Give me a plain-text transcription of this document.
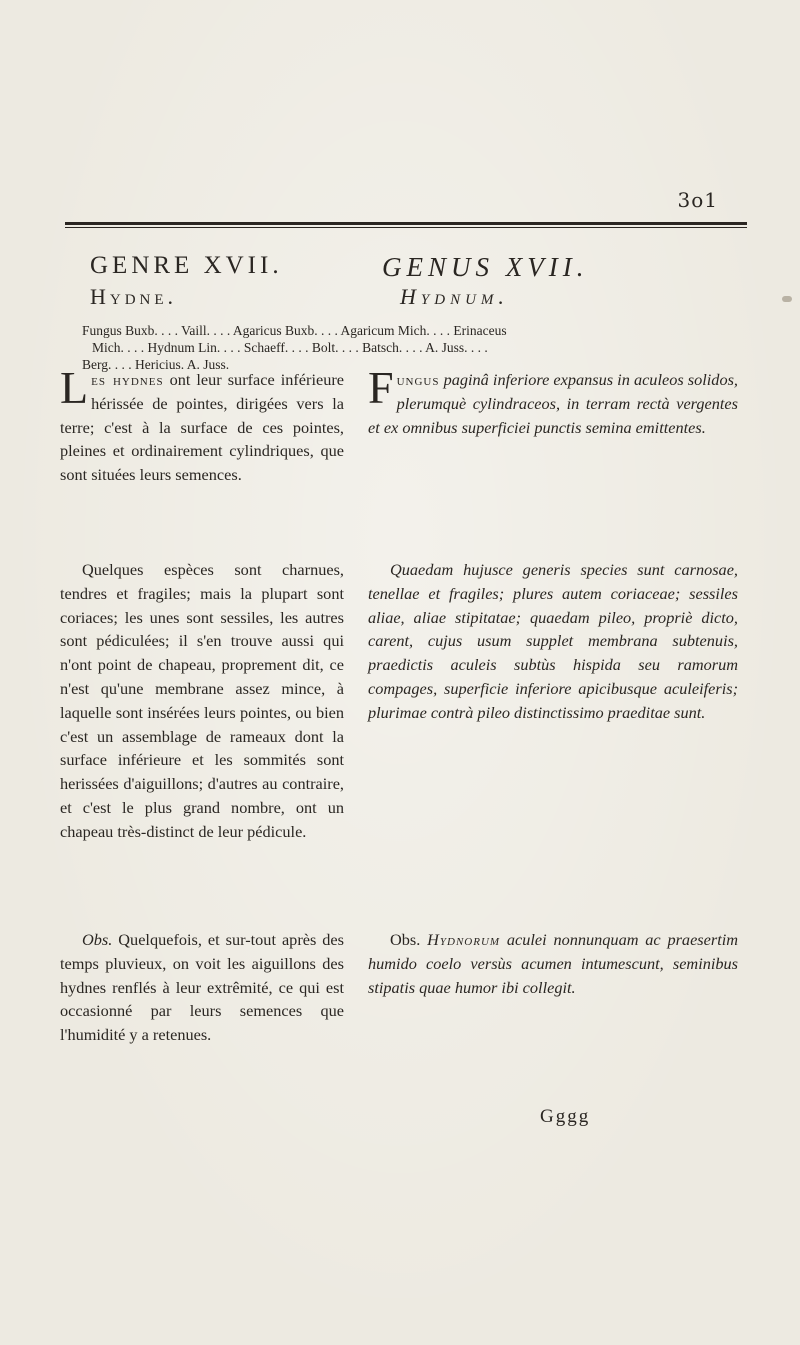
3o1
GENRE XVII.	GENUS XVII.
Hydne.	Hydnum.
Fungus Buxb. . . . Vaill. . . . Agaricus Buxb. . . . Agaricum Mich. . . . Erinaceus
Mich. . . . Hydnum Lin. . . . Schaeff. . . . Bolt. . . . Batsch. . . . A. Juss. . . .
Berg. . . . Hericius. A. Juss.
Les hydnes ont leur surface inférieure hérissée de pointes, dirigées vers la terre; c'est à la surface de ces pointes, pleines et ordinairement cylindriques, que sont situées leurs semences.
Quelques espèces sont charnues, tendres et fragiles; mais la plupart sont coriaces; les unes sont sessiles, les autres sont pédiculées; il s'en trouve aussi qui n'ont point de chapeau, proprement dit, ce n'est qu'une membrane assez mince, à laquelle sont insérées leurs pointes, ou bien c'est un assemblage de rameaux dont la surface inférieure et les sommités sont herissées d'aiguillons; d'autres au contraire, et c'est le plus grand nombre, ont un chapeau très-distinct de leur pédicule.
Obs. Quelquefois, et sur-tout après des temps pluvieux, on voit les aiguillons des hydnes renflés à leur extrêmité, ce qui est occasionné par leurs semences que l'humidité y a retenues.
Fungus paginâ inferiore expansus in aculeos solidos, plerumquè cylindraceos, in terram rectà vergentes et ex omnibus superficiei punctis semina emittentes.
Quaedam hujusce generis species sunt carnosae, tenellae et fragiles; plures autem coriaceae; sessiles aliae, aliae stipitatae; quaedam pileo, propriè dicto, carent, cujus usum supplet membrana subtenuis, praedictis aculeis subtùs hispida seu ramorum compages, superficie inferiore apicibusque aculeiferis; plurimae contrà pileo distinctissimo praeditae sunt.
Obs. Hydnorum aculei nonnunquam ac praesertim humido coelo versùs acumen intumescunt, seminibus stipatis quae humor ibi collegit.
Gggg
